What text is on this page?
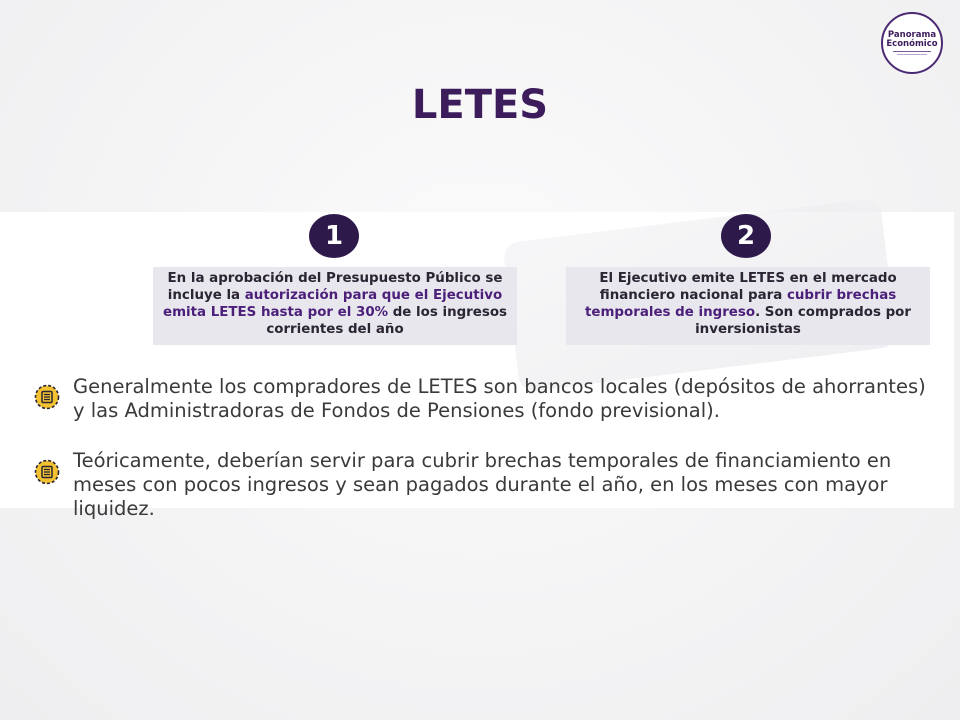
Panorama
Económico
LETES
1	2
En la aprobación del Presupuesto Público se incluye la autorización para que el Ejecutivo emita LETES hasta por el 30% de los ingresos corrientes del año
El Ejecutivo emite LETES en el mercado financiero nacional para cubrir brechas temporales de ingreso. Son comprados por inversionistas

Generalmente los compradores de LETES son bancos locales (depósitos de ahorrantes) y las Administradoras de Fondos de Pensiones (fondo previsional).

Teóricamente, deberían servir para cubrir brechas temporales de financiamiento en meses con pocos ingresos y sean pagados durante el año, en los meses con mayor liquidez.
